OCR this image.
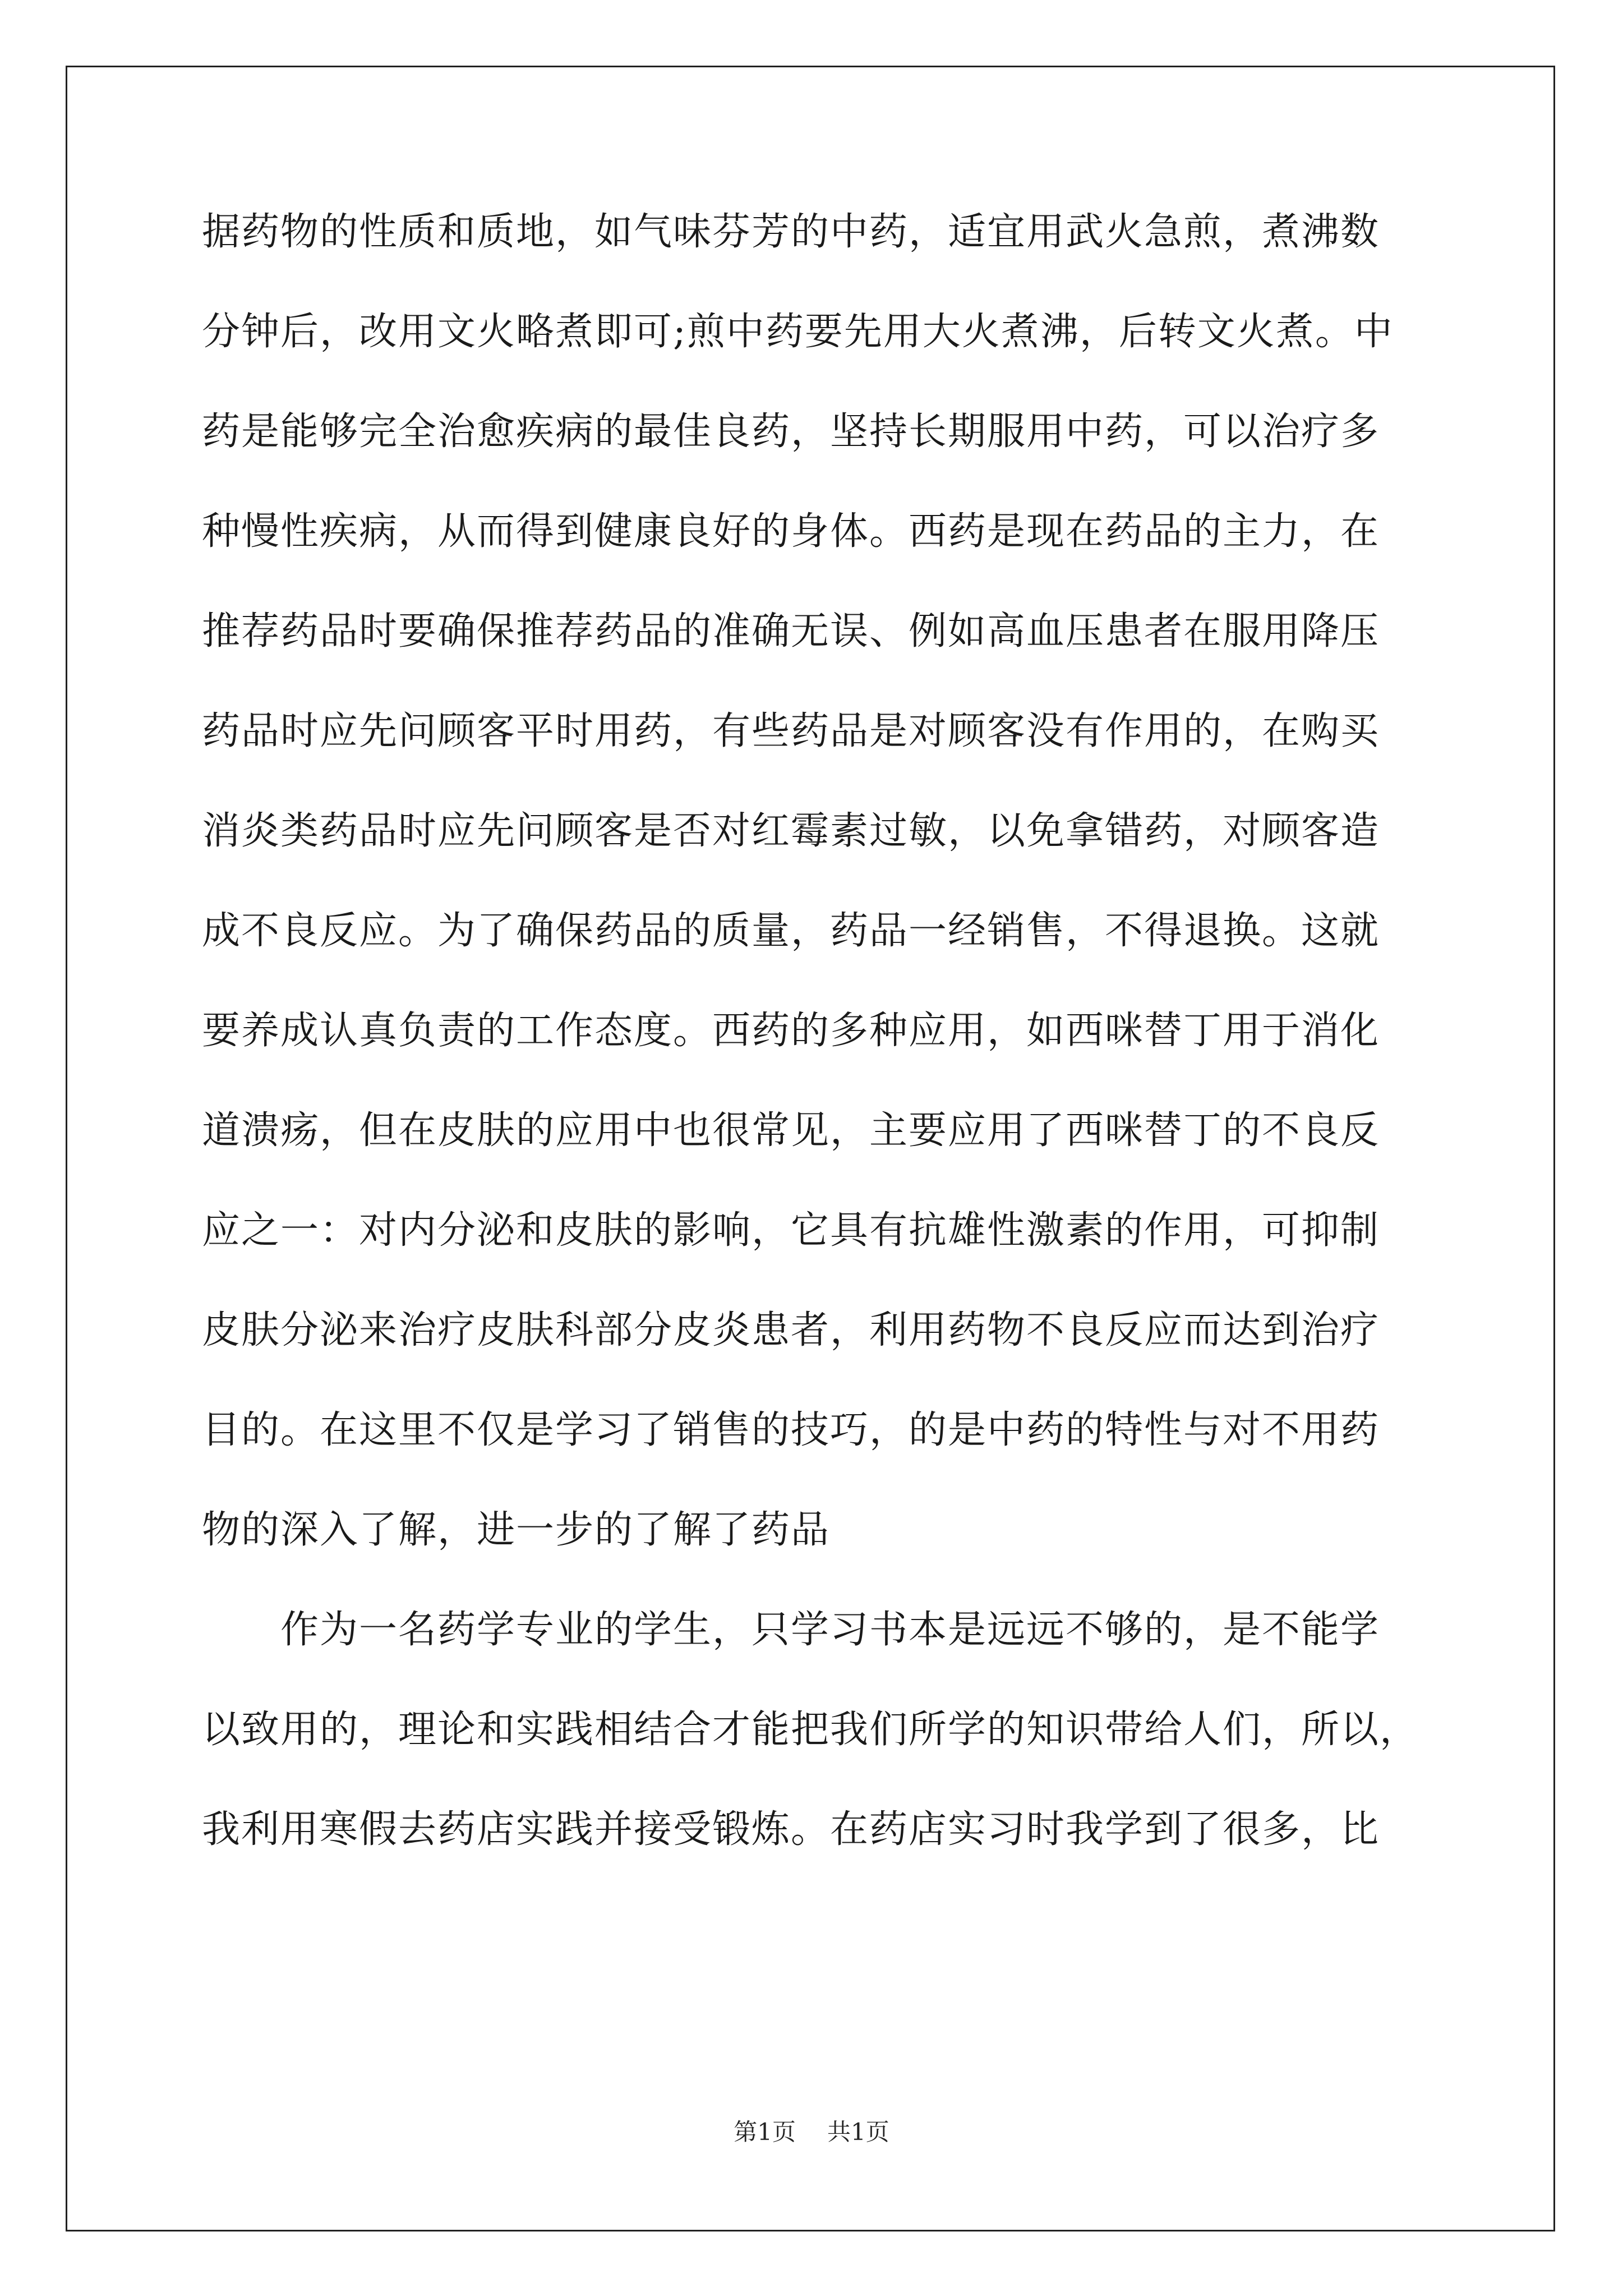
据药物的性质和质地，如气味芬芳的中药，适宜用武火急煎，煮沸数
分钟后，改用文火略煮即可;煎中药要先用大火煮沸，后转文火煮。中
药是能够完全治愈疾病的最佳良药，坚持长期服用中药，可以治疗多
种慢性疾病，从而得到健康良好的身体。西药是现在药品的主力，在
推荐药品时要确保推荐药品的准确无误、例如高血压患者在服用降压
药品时应先问顾客平时用药，有些药品是对顾客没有作用的，在购买
消炎类药品时应先问顾客是否对红霉素过敏，以免拿错药，对顾客造
成不良反应。为了确保药品的质量，药品一经销售，不得退换。这就
要养成认真负责的工作态度。西药的多种应用，如西咪替丁用于消化
道溃疡，但在皮肤的应用中也很常见，主要应用了西咪替丁的不良反
应之一：对内分泌和皮肤的影响，它具有抗雄性激素的作用，可抑制
皮肤分泌来治疗皮肤科部分皮炎患者，利用药物不良反应而达到治疗
目的。在这里不仅是学习了销售的技巧，的是中药的特性与对不用药
物的深入了解，进一步的了解了药品
作为一名药学专业的学生，只学习书本是远远不够的，是不能学
以致用的，理论和实践相结合才能把我们所学的知识带给人们，所以，
我利用寒假去药店实践并接受锻炼。在药店实习时我学到了很多，比
第1页 共1页
